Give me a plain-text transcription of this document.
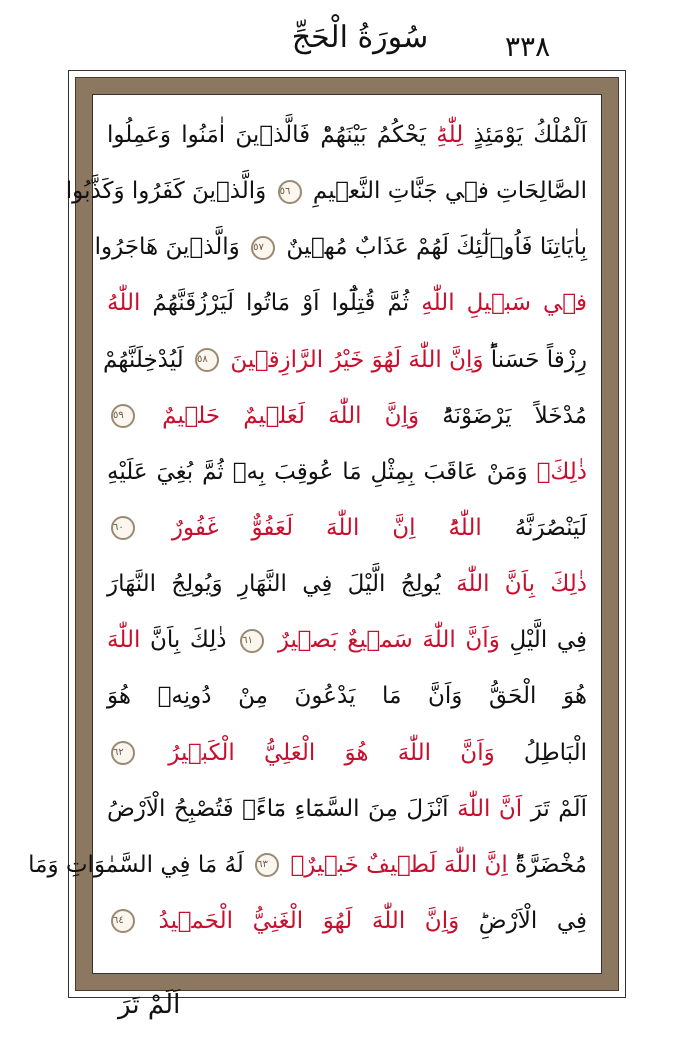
٣٣٨
سُورَةُ الْحَجِّ
اَلْمُلْكُ يَوْمَئِذٍ لِلّٰهِؕ يَحْكُمُ بَيْنَهُمْؕ فَالَّذ۪ينَ اٰمَنُوا وَعَمِلُوا
الصَّالِحَاتِ ف۪ي جَنَّاتِ النَّع۪يمِ ٥٦ وَالَّذ۪ينَ كَفَرُوا وَكَذَّبُوا
بِاٰيَاتِنَا فَاُو۬لٰٓئِكَ لَهُمْ عَذَابٌ مُه۪ينٌ ٥٧ وَالَّذ۪ينَ هَاجَرُوا
ف۪ي سَب۪يلِ اللّٰهِ ثُمَّ قُتِلُٓوا اَوْ مَاتُوا لَيَرْزُقَنَّهُمُ اللّٰهُ
رِزْقاً حَسَناًؕ وَاِنَّ اللّٰهَ لَهُوَ خَيْرُ الرَّازِق۪ينَ ٥٨ لَيُدْخِلَنَّهُمْ
مُدْخَلاً يَرْضَوْنَهُؕ وَاِنَّ اللّٰهَ لَعَل۪يمٌ حَل۪يمٌ ٥٩
ذٰلِكَۚ وَمَنْ عَاقَبَ بِمِثْلِ مَا عُوقِبَ بِه۪ ثُمَّ بُغِيَ عَلَيْهِ
لَيَنْصُرَنَّهُ اللّٰهُؕ اِنَّ اللّٰهَ لَعَفُوٌّ غَفُورٌ ٦٠
ذٰلِكَ بِاَنَّ اللّٰهَ يُولِجُ الَّيْلَ فِي النَّهَارِ وَيُولِجُ النَّهَارَ
فِي الَّيْلِ وَاَنَّ اللّٰهَ سَم۪يعٌ بَص۪يرٌ ٦١ ذٰلِكَ بِاَنَّ اللّٰهَ
هُوَ الْحَقُّ وَاَنَّ مَا يَدْعُونَ مِنْ دُونِه۪ هُوَ
الْبَاطِلُ وَاَنَّ اللّٰهَ هُوَ الْعَلِيُّ الْكَب۪يرُ ٦٢
اَلَمْ تَرَ اَنَّ اللّٰهَ اَنْزَلَ مِنَ السَّمَٓاءِ مَٓاءًۘ فَتُصْبِحُ الْاَرْضُ
مُخْضَرَّةًؕ اِنَّ اللّٰهَ لَط۪يفٌ خَب۪يرٌۚ ٦٣ لَهُ مَا فِي السَّمٰوَاتِ وَمَا
فِي الْاَرْضِؕ وَاِنَّ اللّٰهَ لَهُوَ الْغَنِيُّ الْحَم۪يدُ ٦٤
اَلَمْ تَرَ
